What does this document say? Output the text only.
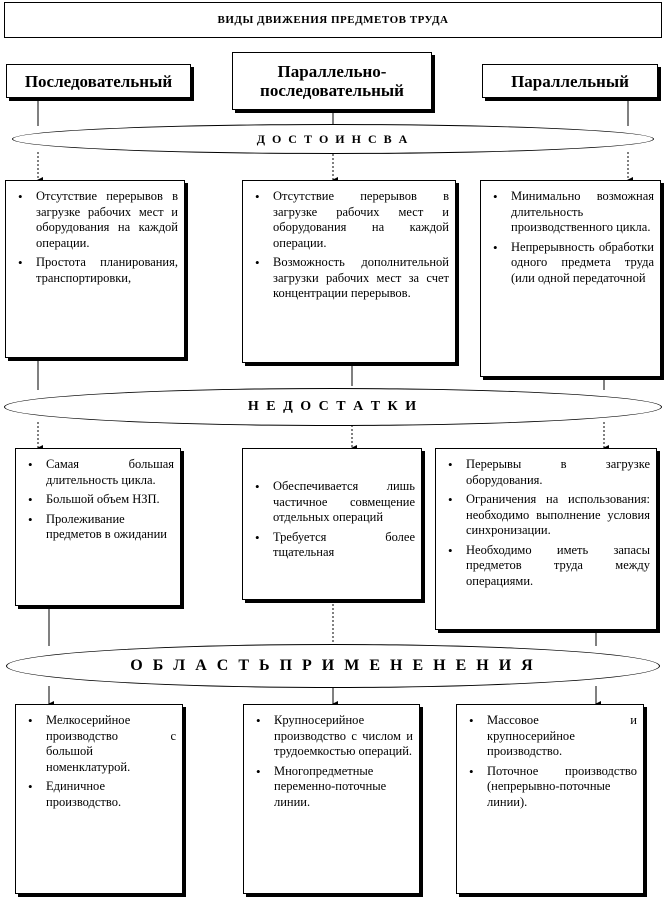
ВИДЫ ДВИЖЕНИЯ ПРЕДМЕТОВ ТРУДА
Последовательный	Параллельно-последовательный	Параллельный
Д О С Т О И Н С В А
• Отсутствие перерывов в загрузке рабочих мест и оборудования на каждой операции.
• Простота планирования, транспортировки,
• Отсутствие перерывов в загрузке рабочих мест и оборудования на каждой операции.
• Возможность дополнительной загрузки рабочих мест за счет концентрации перерывов.
• Минимально возможная длительность производственного цикла.
• Непрерывность обработки одного предмета труда (или одной передаточной
Н Е Д О С Т А Т К И
• Самая большая длительность цикла.
• Большой объем НЗП.
• Пролеживание предметов в ожидании
• Обеспечивается лишь частичное совмещение отдельных операций
• Требуется более тщательная
• Перерывы в загрузке оборудования.
• Ограничения на использования: необходимо выполнение условия синхронизации.
• Необходимо иметь запасы предметов труда между операциями.
О Б Л А С Т Ь П Р И М Е Н Е Н Е Н И Я
• Мелкосерийное производство с большой номенклатурой.
• Единичное производство.
• Крупносерийное производство с числом и трудоемкостью операций.
• Многопредметные переменно-поточные линии.
• Массовое и крупносерийное производство.
• Поточное производство (непрерывно-поточные линии).
